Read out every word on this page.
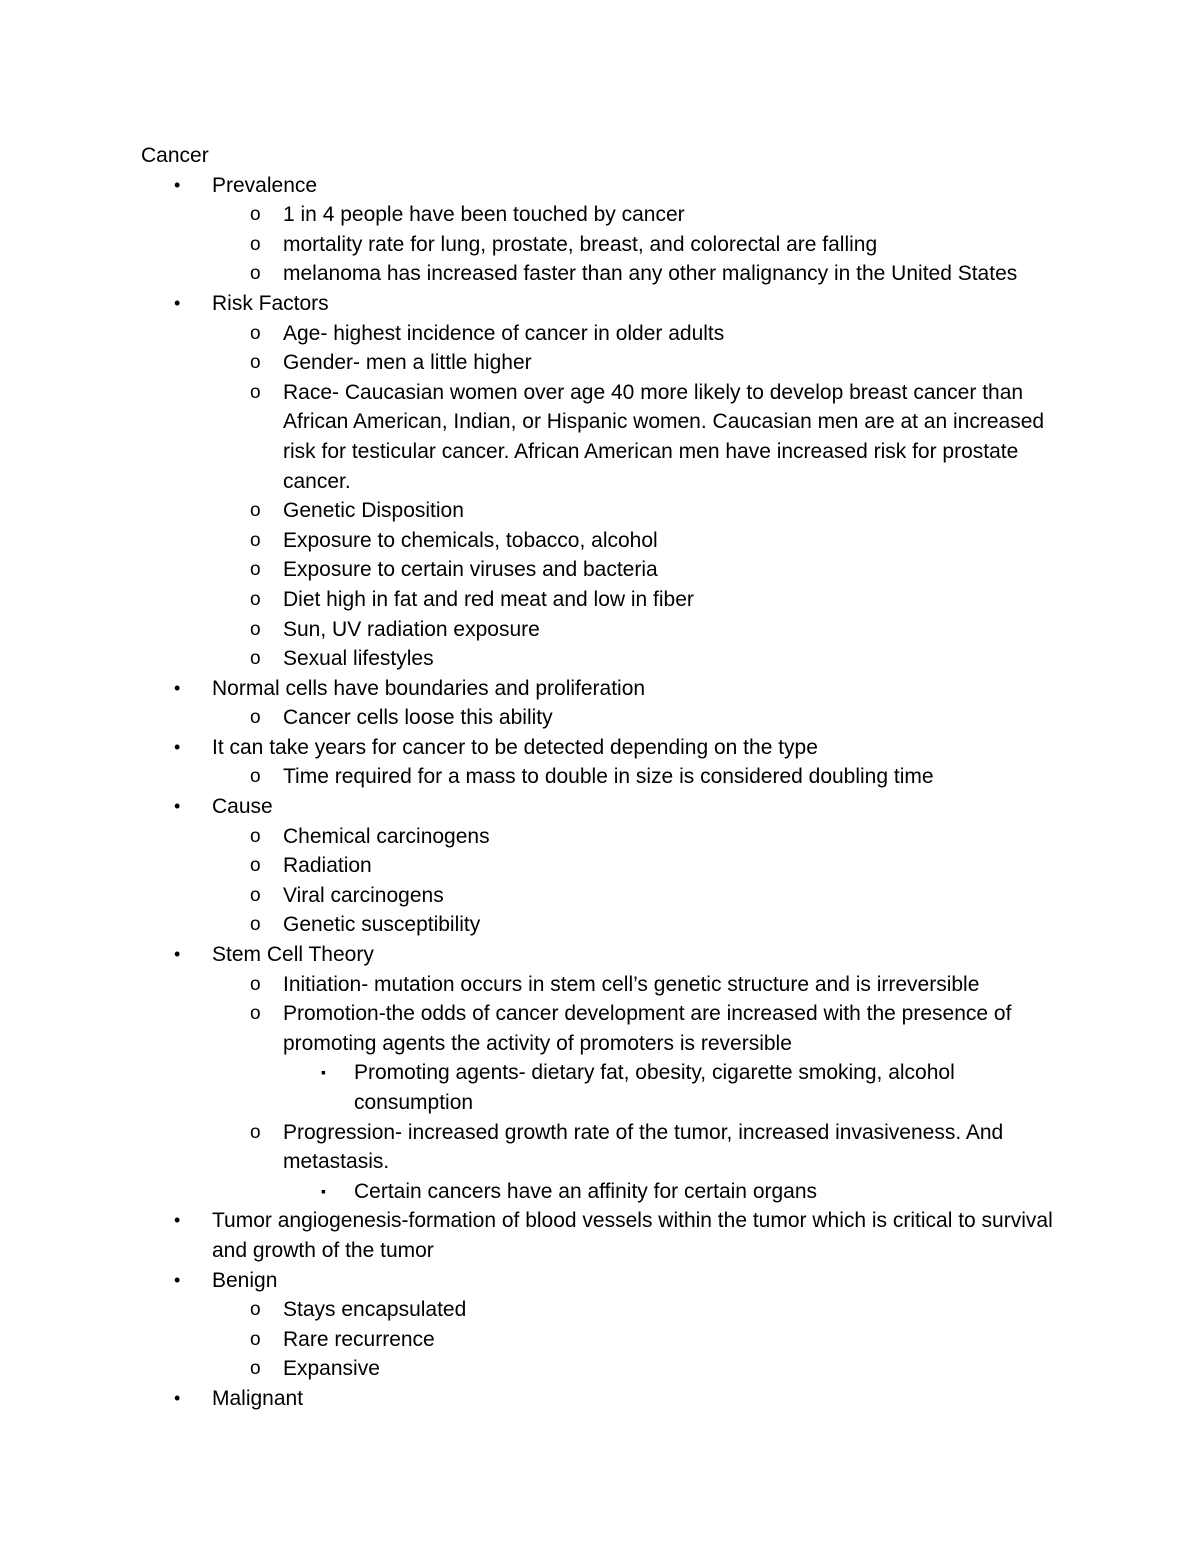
Cancer
• Prevalence
o 1 in 4 people have been touched by cancer
o mortality rate for lung, prostate, breast, and colorectal are falling
o melanoma has increased faster than any other malignancy in the United States
• Risk Factors
o Age- highest incidence of cancer in older adults
o Gender- men a little higher
o Race- Caucasian women over age 40 more likely to develop breast cancer than African American, Indian, or Hispanic women. Caucasian men are at an increased risk for testicular cancer. African American men have increased risk for prostate cancer.
o Genetic Disposition
o Exposure to chemicals, tobacco, alcohol
o Exposure to certain viruses and bacteria
o Diet high in fat and red meat and low in fiber
o Sun, UV radiation exposure
o Sexual lifestyles
• Normal cells have boundaries and proliferation
o Cancer cells loose this ability
• It can take years for cancer to be detected depending on the type
o Time required for a mass to double in size is considered doubling time
• Cause
o Chemical carcinogens
o Radiation
o Viral carcinogens
o Genetic susceptibility
• Stem Cell Theory
o Initiation- mutation occurs in stem cell’s genetic structure and is irreversible
o Promotion-the odds of cancer development are increased with the presence of promoting agents the activity of promoters is reversible
▪ Promoting agents- dietary fat, obesity, cigarette smoking, alcohol consumption
o Progression- increased growth rate of the tumor, increased invasiveness. And metastasis.
▪ Certain cancers have an affinity for certain organs
• Tumor angiogenesis-formation of blood vessels within the tumor which is critical to survival and growth of the tumor
• Benign
o Stays encapsulated
o Rare recurrence
o Expansive
• Malignant
